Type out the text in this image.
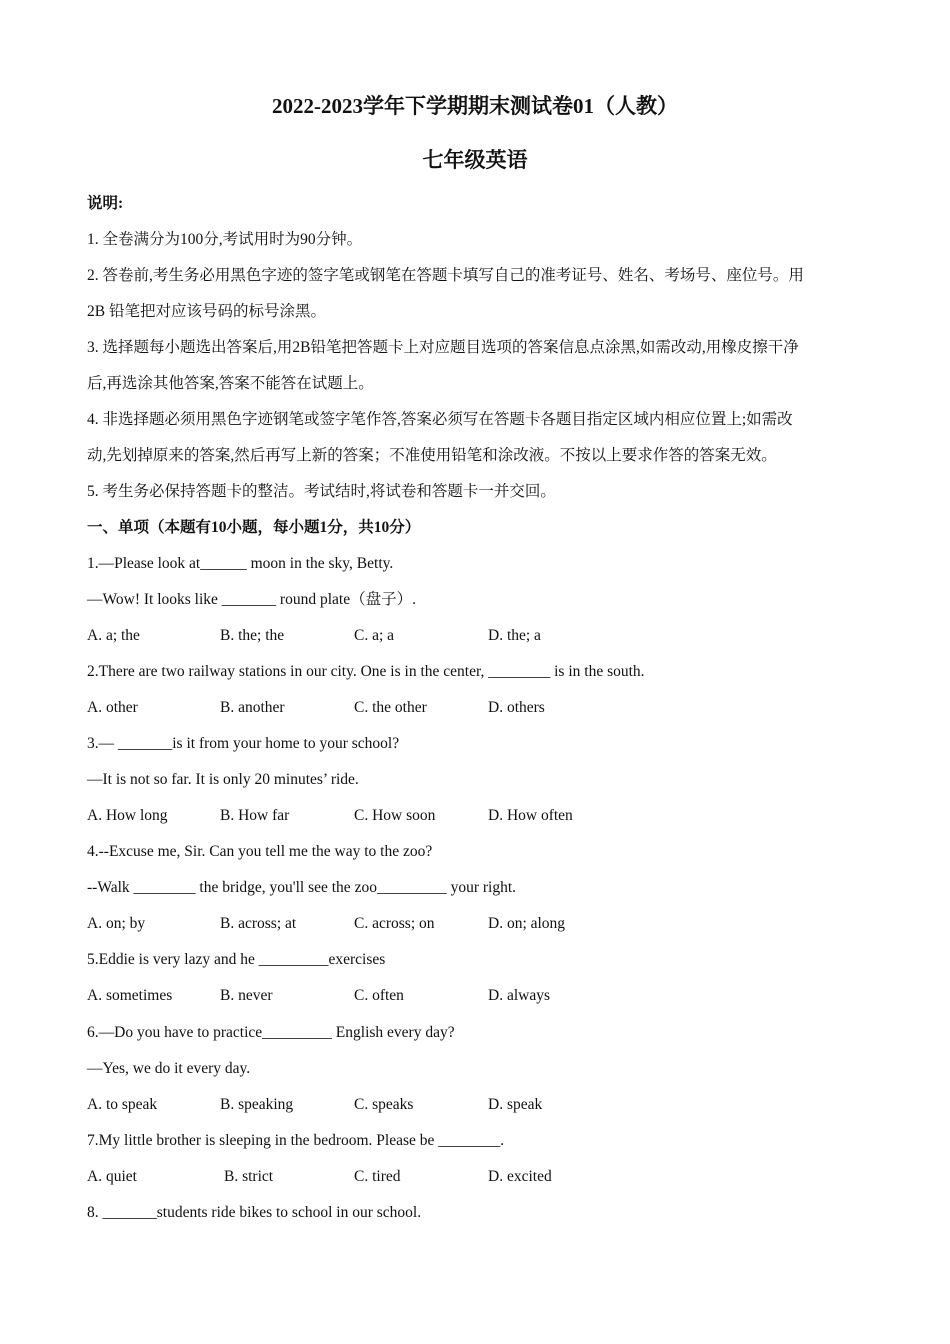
2022-2023学年下学期期末测试卷01（人教）
七年级英语
说明:
1. 全卷满分为100分,考试用时为90分钟。
2. 答卷前,考生务必用黑色字迹的签字笔或钢笔在答题卡填写自己的准考证号、姓名、考场号、座位号。用
2B 铅笔把对应该号码的标号涂黑。
3. 选择题每小题选出答案后,用2B铅笔把答题卡上对应题目选项的答案信息点涂黑,如需改动,用橡皮擦干净
后,再选涂其他答案,答案不能答在试题上。
4. 非选择题必须用黑色字迹钢笔或签字笔作答,答案必须写在答题卡各题目指定区域内相应位置上;如需改
动,先划掉原来的答案,然后再写上新的答案；不准使用铅笔和涂改液。不按以上要求作答的答案无效。
5. 考生务必保持答题卡的整洁。考试结时,将试卷和答题卡一并交回。
一、单项（本题有10小题，每小题1分，共10分）
1.—Please look at______ moon in the sky, Betty.
—Wow! It looks like _______ round plate（盘子）.
A. a; the	B. the; the	C. a; a	D. the; a
2.There are two railway stations in our city. One is in the center, ________ is in the south.
A. other	B. another	C. the other	D. others
3.— _______is it from your home to your school?
—It is not so far. It is only 20 minutes’ ride.
A. How long	B. How far	C. How soon	D. How often
4.--Excuse me, Sir. Can you tell me the way to the zoo?
--Walk ________ the bridge, you'll see the zoo_________ your right.
A. on; by	B. across; at	C. across; on	D. on; along
5.Eddie is very lazy and he _________exercises
A. sometimes	B. never	C. often	D. always
6.—Do you have to practice_________ English every day?
—Yes, we do it every day.
A. to speak	B. speaking	C. speaks	D. speak
7.My little brother is sleeping in the bedroom. Please be ________.
A. quiet	B. strict	C. tired	D. excited
8. _______students ride bikes to school in our school.
